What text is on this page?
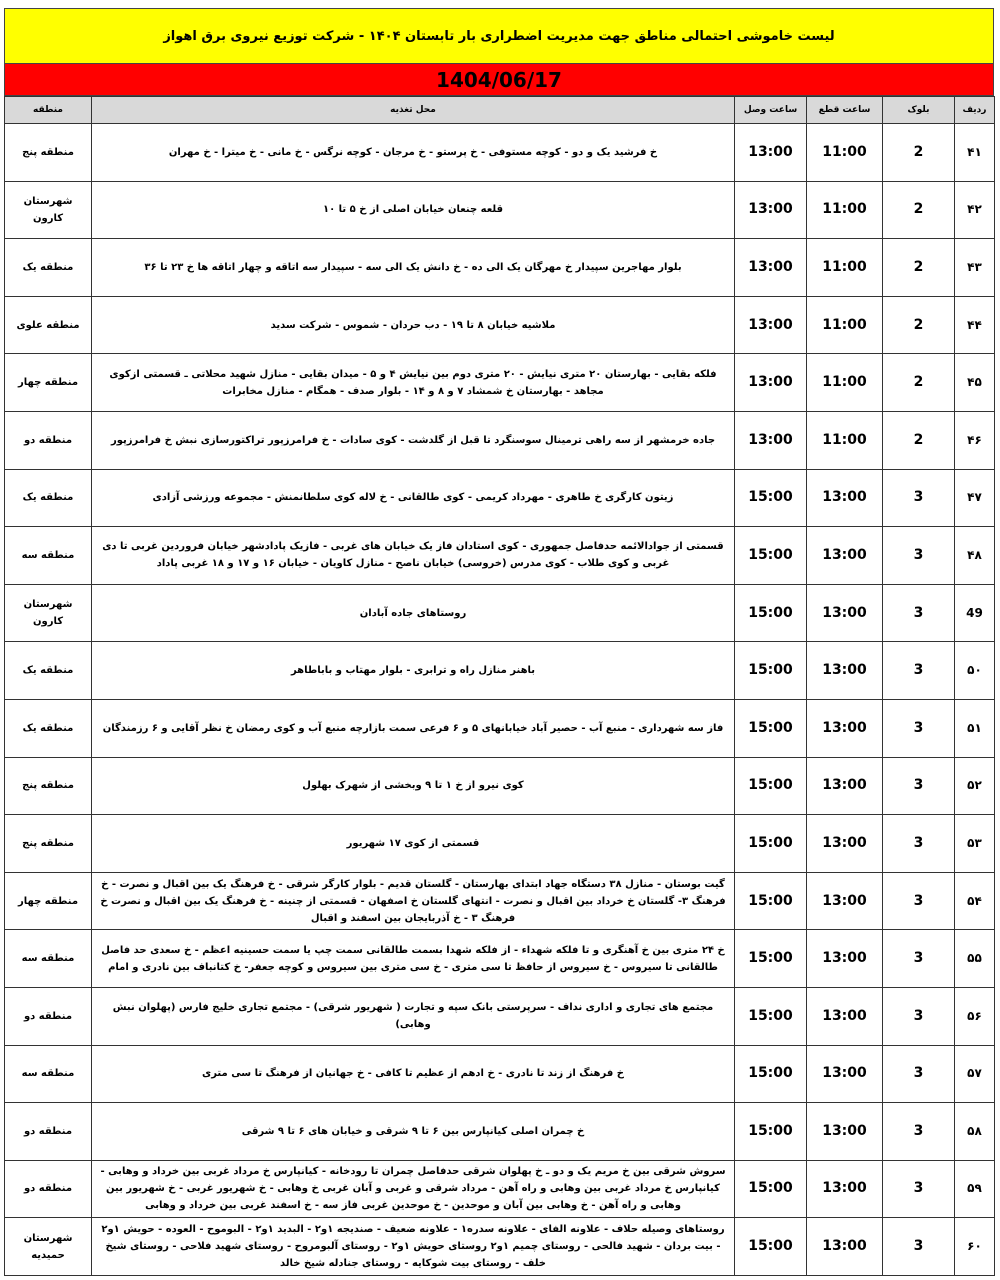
لیست خاموشی احتمالی مناطق جهت مدیریت اضطراری بار تابستان ۱۴۰۴ - شرکت توزیع نیروی برق اهواز
1404/06/17
ردیف	بلوک	ساعت قطع	ساعت وصل	محل تغذیه	منطقه
۴۱	2	11:00	13:00	خ فرشید یک و دو - کوچه مستوفی - خ پرستو - خ مرجان - کوچه نرگس - خ مانی - خ میترا - خ مهران	منطقه پنج
۴۲	2	11:00	13:00	قلعه چنعان خیابان اصلی از خ ۵ تا ۱۰	شهرستان کارون
۴۳	2	11:00	13:00	بلوار مهاجرین سپیدار خ مهرگان یک الی ده - خ دانش یک الی سه - سپیدار سه اتاقه و چهار اتاقه ها خ ۲۳ تا ۳۶	منطقه یک
۴۴	2	11:00	13:00	ملاشیه خیابان ۸ تا ۱۹ - دب حردان - شموس - شرکت سدید	منطقه علوی
۴۵	2	11:00	13:00	فلکه بقایی - بهارستان ۲۰ متری نیایش - ۲۰ متری دوم بین نیایش ۴ و ۵ - میدان بقایی - منازل شهید محلاتی ـ قسمتی ازکوی مجاهد - بهارستان خ شمشاد ۷ و ۸ و ۱۴ - بلوار صدف - همگام - منازل مخابرات	منطقه چهار
۴۶	2	11:00	13:00	جاده خرمشهر از سه راهی ترمینال سوسنگرد تا قبل از گلدشت - کوی سادات - خ فرامرزپور تراکتورسازی نبش خ فرامرزپور	منطقه دو
۴۷	3	13:00	15:00	زیتون کارگری خ طاهری - مهرداد کریمی - کوی طالقانی - خ لاله کوی سلطانمنش - مجموعه ورزشی آزادی	منطقه یک
۴۸	3	13:00	15:00	قسمتی از جوادالائمه حدفاصل جمهوری - کوی استادان فاز یک خیابان های غربی - فازیک پادادشهر خیابان فروردین غربی تا دی غربی و کوی طلاب - کوی مدرس (خروسی) خیابان ناصح - منازل کاویان - خیابان ۱۶ و ۱۷ و ۱۸ غربی پاداد	منطقه سه
49	3	13:00	15:00	روستاهای جاده آبادان	شهرستان کارون
۵۰	3	13:00	15:00	باهنر منازل راه و ترابری - بلوار مهتاب و باباطاهر	منطقه یک
۵۱	3	13:00	15:00	فاز سه شهرداری - منبع آب - حصیر آباد خیابانهای ۵ و ۶ فرعی سمت بازارچه منبع آب و کوی رمضان خ نظر آقایی و ۶ رزمندگان	منطقه یک
۵۲	3	13:00	15:00	کوی نیرو از خ ۱ تا ۹ وبخشی از شهرک بهلول	منطقه پنج
۵۳	3	13:00	15:00	قسمتی از کوی ۱۷ شهریور	منطقه پنج
۵۴	3	13:00	15:00	گیت بوستان - منازل ۳۸ دستگاه جهاد ابتدای بهارستان - گلستان قدیم - بلوار کارگر شرقی - خ فرهنگ یک بین اقبال و نصرت - خ فرهنگ ۳- گلستان خ خرداد بین اقبال و نصرت - انتهای گلستان خ اصفهان - قسمتی از چنینه - خ فرهنگ یک بین اقبال و نصرت خ فرهنگ ۳ - خ آذربایجان بین اسفند و اقبال	منطقه چهار
۵۵	3	13:00	15:00	خ ۲۴ متری بین خ آهنگری و تا فلکه شهداء - از فلکه شهدا بسمت طالقانی سمت چپ یا سمت حسینیه اعظم - خ سعدی حد فاصل طالقانی تا سیروس - خ سیروس از حافظ تا سی متری - خ سی متری بین سیروس و کوچه جعفر- خ کتانباف بین نادری و امام	منطقه سه
۵۶	3	13:00	15:00	مجتمع های تجاری و اداری نداف - سرپرستی بانک سپه و تجارت ( شهریور شرقی) - مجتمع تجاری خلیج فارس (پهلوان نبش وهابی)	منطقه دو
۵۷	3	13:00	15:00	خ فرهنگ از زند تا نادری - خ ادهم از عظیم تا کافی - خ جهانیان از فرهنگ تا سی متری	منطقه سه
۵۸	3	13:00	15:00	خ چمران اصلی کیانپارس بین ۶ تا ۹ شرقی و خیابان های ۶ تا ۹ شرقی	منطقه دو
۵۹	3	13:00	15:00	سروش شرقی بین خ مریم یک و دو ـ خ پهلوان شرقی حدفاصل چمران تا رودخانه - کیانپارس خ مرداد غربی بین خرداد و وهابی - کیانپارس خ مرداد غربی بین وهابی و راه آهن - مرداد شرقی و غربی و آبان غربی خ وهابی - خ شهریور غربی - خ شهریور بین وهابی و راه آهن - خ وهابی بین آبان و موحدین - خ موحدین غربی فاز سه - خ اسفند غربی بین خرداد و وهابی	منطقه دو
۶۰	3	13:00	15:00	روستاهای وصیله حلاف - علاونه الفای - علاونه سدره۱ - علاونه ضعیف - صندیجه ۱و۲ - البدید ۱و۲ - البوموح - العوده - حویش ۱و۲ - بیت بردان - شهید فالحی - روستای چمیم ۱و۲ روستای حویش ۱و۲ - روستای آلبومروح - روستای شهید فلاحی - روستای شیخ خلف - روستای بیت شوکایه - روستای جنادله شیخ خالد	شهرستان حمیدیه
